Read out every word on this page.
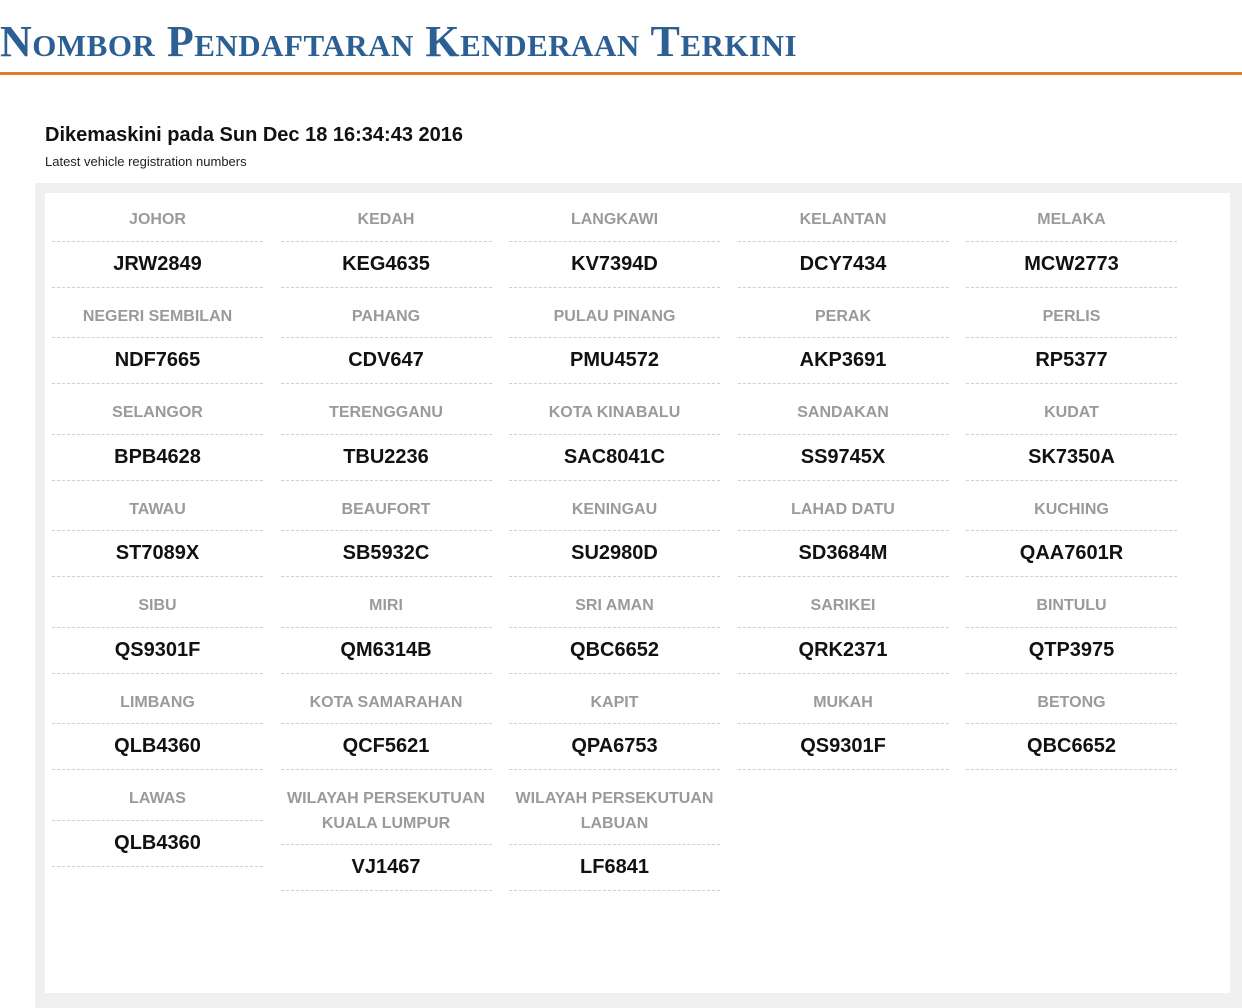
Nombor Pendaftaran Kenderaan Terkini
Dikemaskini pada Sun Dec 18 16:34:43 2016
Latest vehicle registration numbers
JOHOR
JRW2849
KEDAH
KEG4635
LANGKAWI
KV7394D
KELANTAN
DCY7434
MELAKA
MCW2773
NEGERI SEMBILAN
NDF7665
PAHANG
CDV647
PULAU PINANG
PMU4572
PERAK
AKP3691
PERLIS
RP5377
SELANGOR
BPB4628
TERENGGANU
TBU2236
KOTA KINABALU
SAC8041C
SANDAKAN
SS9745X
KUDAT
SK7350A
TAWAU
ST7089X
BEAUFORT
SB5932C
KENINGAU
SU2980D
LAHAD DATU
SD3684M
KUCHING
QAA7601R
SIBU
QS9301F
MIRI
QM6314B
SRI AMAN
QBC6652
SARIKEI
QRK2371
BINTULU
QTP3975
LIMBANG
QLB4360
KOTA SAMARAHAN
QCF5621
KAPIT
QPA6753
MUKAH
QS9301F
BETONG
QBC6652
LAWAS
QLB4360
WILAYAH PERSEKUTUAN KUALA LUMPUR
VJ1467
WILAYAH PERSEKUTUAN LABUAN
LF6841
